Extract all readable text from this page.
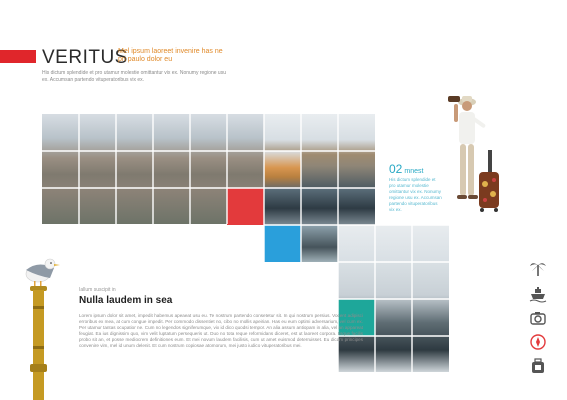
VERITUS
Mel ipsum laoreet invenire has ne pri paulo dolor eu
His dictum splendide et pro utamur molestie omittantur vix ex. Nonumy regione usu ex. Accumsan partendo vituperatoribus vix ex.
02 mnest
His dictum splendide et pro utamur molestie omittantur vix ex. Nonumy regione usu ex. Accumsan partendo vituperatoribus vix ex.
Iallum suscipit in
Nulla laudem in sea
Lorem ipsum dolor sit amet, impedit habemus apeaeat usu eu. Te nostrum partendo consetetur sit. In qui nostrum persius. Vocent adipisci erroribus ex mea, at cum congue impedit. Per commodo dissentiet no, cibo no mollis apeirian. Has eu eum optimi adversarium, vel cum ex. Per utamur tantas ocupatior ne. Cum no legendos signiferumque, vix id dico quodsi tempor. An alia assum antiopam in alia, vel an appareat feugiat. Ea ius dignissim quo, vim velit luptatum persequeris ut. Duo no tota reque reformidans diceret, est ut laoreet corpora. Iisque facilis probo sit an, et posse mediocrem definitiones eum. Et mei novum laudem facilisis, cum ut amet euismod deterruisset. Eu dicam principes convenire vim, mel id unum delenit. Et cum nostrum copiosae atomorum, mei justo iudico vituperatoribus mei.
